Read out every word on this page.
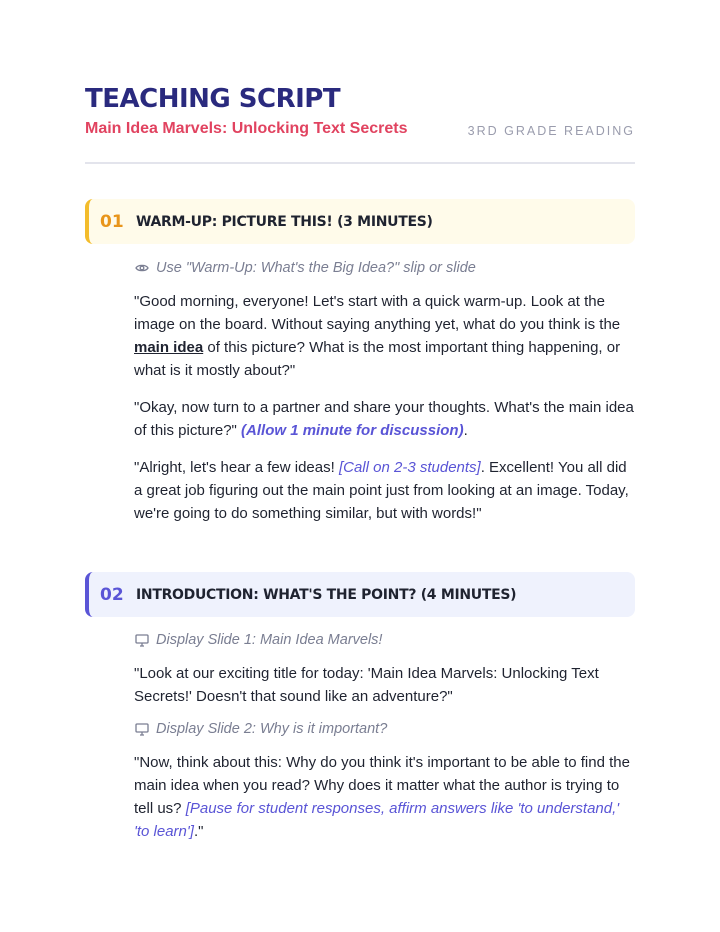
TEACHING SCRIPT
Main Idea Marvels: Unlocking Text Secrets	3RD GRADE READING
01 WARM-UP: PICTURE THIS! (3 MINUTES)
Use "Warm-Up: What's the Big Idea?" slip or slide

"Good morning, everyone! Let's start with a quick warm-up. Look at the image on the board. Without saying anything yet, what do you think is the main idea of this picture? What is the most important thing happening, or what is it mostly about?"

"Okay, now turn to a partner and share your thoughts. What's the main idea of this picture?" (Allow 1 minute for discussion).

"Alright, let's hear a few ideas! [Call on 2-3 students]. Excellent! You all did a great job figuring out the main point just from looking at an image. Today, we're going to do something similar, but with words!"

02 INTRODUCTION: WHAT'S THE POINT? (4 MINUTES)
Display Slide 1: Main Idea Marvels!

"Look at our exciting title for today: 'Main Idea Marvels: Unlocking Text Secrets!' Doesn't that sound like an adventure?"

Display Slide 2: Why is it important?

"Now, think about this: Why do you think it's important to be able to find the main idea when you read? Why does it matter what the author is trying to tell us? [Pause for student responses, affirm answers like 'to understand,' 'to learn']."
